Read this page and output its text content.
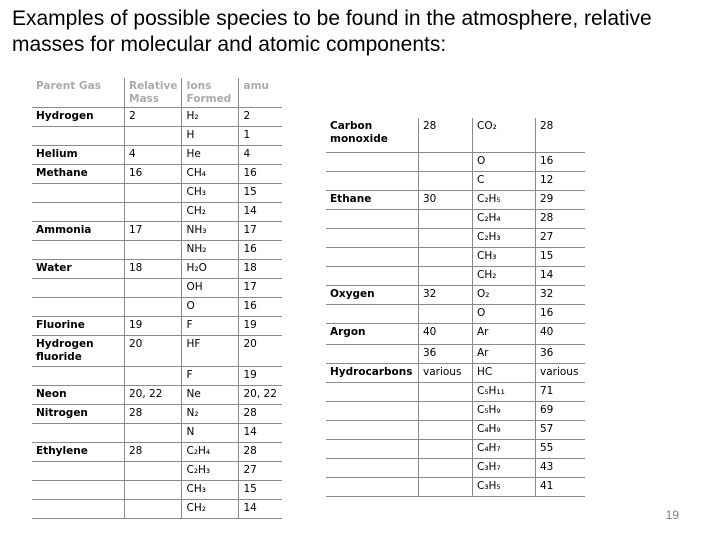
Examples of possible species to be found in the atmosphere, relative masses for molecular and atomic components:
Parent Gas	Relative Mass	Ions Formed	amu
Hydrogen	2	H₂	2
		H	1
Helium	4	He	4
Methane	16	CH₄	16
		CH₃	15
		CH₂	14
Ammonia	17	NH₃	17
		NH₂	16
Water	18	H₂O	18
		OH	17
		O	16
Fluorine	19	F	19
Hydrogen fluoride	20	HF	20
		F	19
Neon	20, 22	Ne	20, 22
Nitrogen	28	N₂	28
		N	14
Ethylene	28	C₂H₄	28
		C₂H₃	27
		CH₃	15
		CH₂	14
Carbon monoxide	28	CO₂	28
		O	16
		C	12
Ethane	30	C₂H₅	29
		C₂H₄	28
		C₂H₃	27
		CH₃	15
		CH₂	14
Oxygen	32	O₂	32
		O	16
Argon	40	Ar	40
	36	Ar	36
Hydrocarbons	various	HC	various
		C₅H₁₁	71
		C₅H₉	69
		C₄H₉	57
		C₄H₇	55
		C₃H₇	43
		C₃H₅	41
19
